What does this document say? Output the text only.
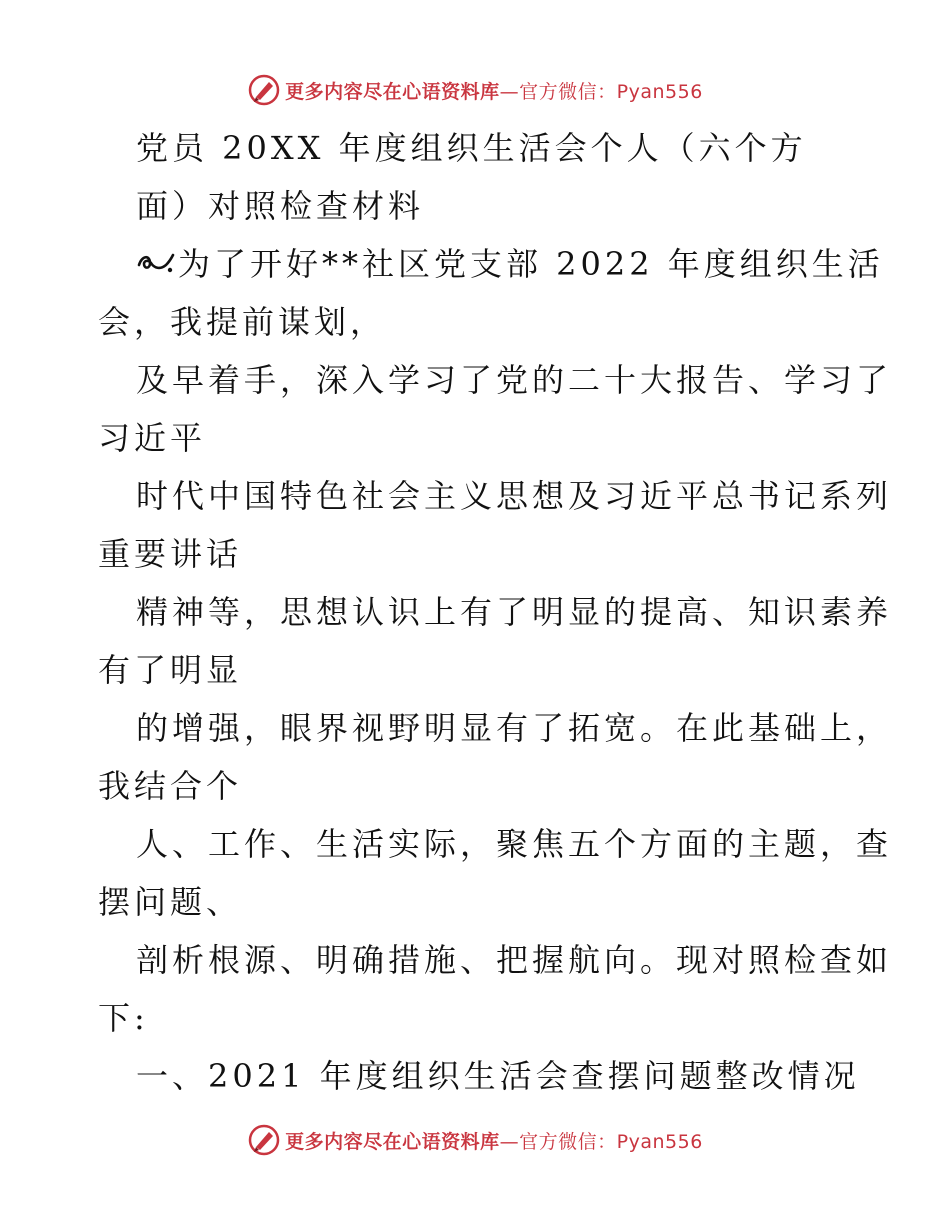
更多内容尽在心语资料库—官方微信：Pyan556
党员 20XX 年度组织生活会个人（六个方
面）对照检查材料
为了开好**社区党支部 2022 年度组织生活
会，我提前谋划，
及早着手，深入学习了党的二十大报告、学习了
习近平
时代中国特色社会主义思想及习近平总书记系列
重要讲话
精神等，思想认识上有了明显的提高、知识素养
有了明显
的增强，眼界视野明显有了拓宽。在此基础上，
我结合个
人、工作、生活实际，聚焦五个方面的主题，查
摆问题、
剖析根源、明确措施、把握航向。现对照检查如
下:
一、2021 年度组织生活会查摆问题整改情况
更多内容尽在心语资料库—官方微信：Pyan556
